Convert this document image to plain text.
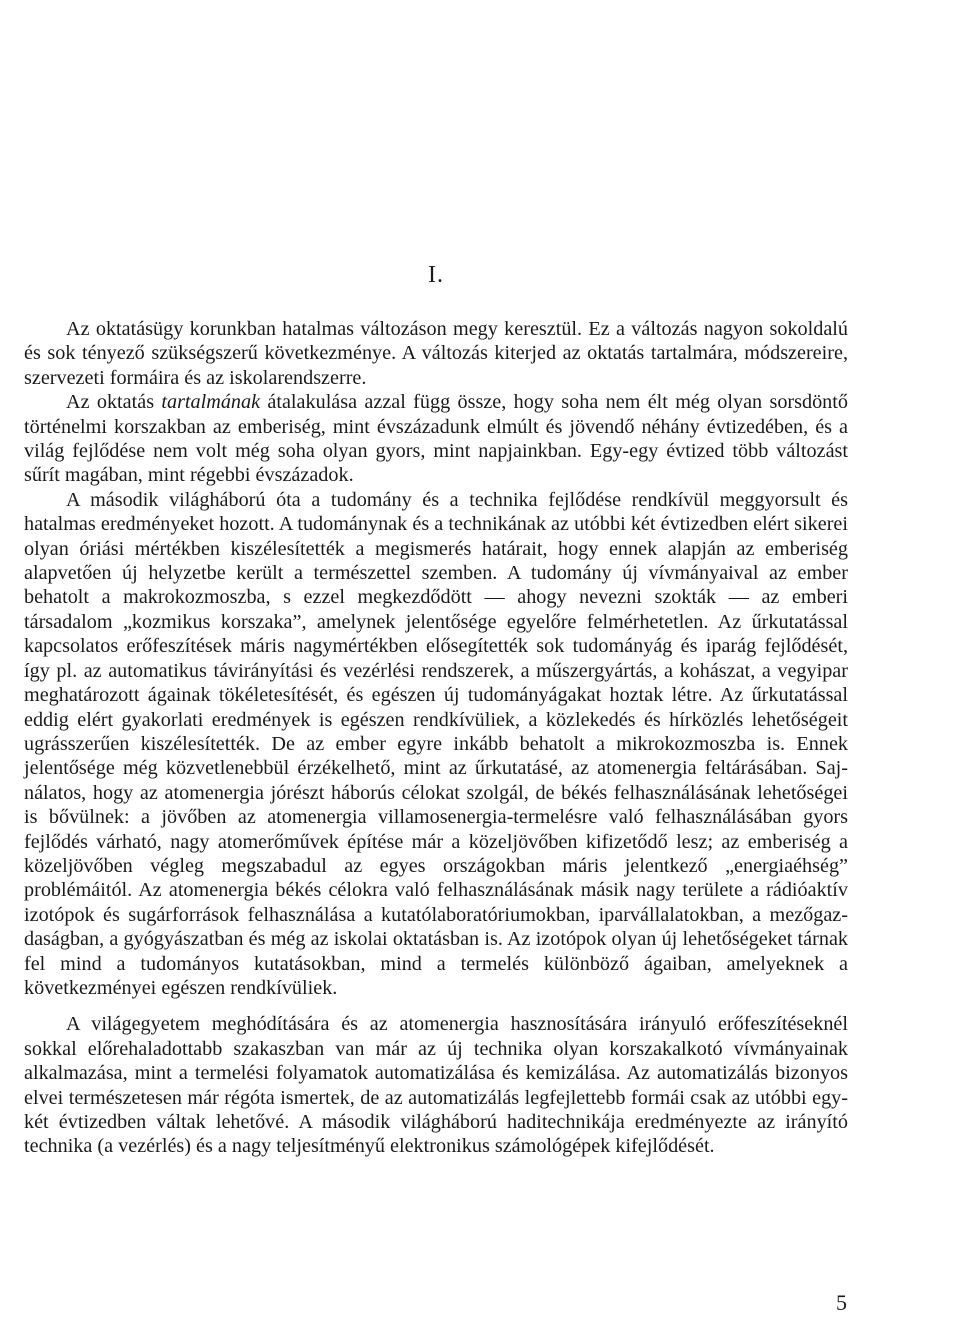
I.

Az oktatásügy korunkban hatalmas változáson megy keresztül. Ez a változás nagyon sokoldalú és sok tényező szükségszerű következménye. A változás kiterjed az oktatás tartalmára, módszereire, szervezeti formáira és az iskolarendszerre.

Az oktatás tartalmának átalakulása azzal függ össze, hogy soha nem élt még olyan sorsdöntő történelmi korszakban az emberiség, mint évszázadunk elmúlt és jövendő néhány évtizedében, és a világ fejlődése nem volt még soha olyan gyors, mint napjainkban. Egy-egy évtized több változást sűrít magában, mint régebbi évszázadok.

A második világháború óta a tudomány és a technika fejlődése rendkívül meggyorsult és hatalmas eredményeket hozott. A tudománynak és a technikának az utóbbi két évtizedben elért sikerei olyan óriási mértékben kiszélesítették a megismerés határait, hogy ennek alapján az emberiség alapvetően új helyzetbe került a természettel szemben. A tudomány új vívmányaival az ember behatolt a makrokozmoszba, s ezzel megkezdődött — ahogy nevezni szokták — az emberi társadalom „kozmikus korszaka”, amelynek jelentősége egyelőre felmérhetetlen. Az űrkutatással kapcsolatos erőfeszítések máris nagymértékben elősegítették sok tudományág és iparág fejlődését, így pl. az automatikus távirányítási és vezérlési rendszerek, a műszergyártás, a kohászat, a vegyipar meghatározott ágainak tökéletesítését, és egészen új tudományágakat hoztak létre. Az űrkutatással eddig elért gyakorlati eredmények is egészen rendkívüliek, a közlekedés és hírközlés lehetőségeit ugrásszerűen kiszélesítették. De az ember egyre inkább behatolt a mikrokozmoszba is. Ennek jelentősége még közvetlenebbül érzékelhető, mint az űrkutatásé, az atomenergia feltárásában. Sajnálatos, hogy az atomenergia jórészt háborús célokat szolgál, de békés felhasználásának lehetőségei is bővülnek: a jövőben az atomenergia villamosenergia-termelésre való felhasználásában gyors fejlődés várható, nagy atomerőművek építése már a közeljövőben kifizetődő lesz; az emberiség a közeljövőben végleg megszabadul az egyes országokban máris jelentkező „energiaéhség” problémáitól. Az atomenergia békés célokra való felhasználásának másik nagy területe a rádióaktív izotópok és sugárforrások felhasználása a kutatólaboratóriumokban, iparvállalatokban, a mezőgazdaságban, a gyógyászatban és még az iskolai oktatásban is. Az izotópok olyan új lehetőségeket tárnak fel mind a tudományos kutatásokban, mind a termelés különböző ágaiban, amelyeknek a következményei egészen rendkívüliek.

A világegyetem meghódítására és az atomenergia hasznosítására irányuló erőfeszítéseknél sokkal előrehaladottabb szakaszban van már az új technika olyan korszakalkotó vívmányainak alkalmazása, mint a termelési folyamatok automatizálása és kemizálása. Az automatizálás bizonyos elvei természetesen már régóta ismertek, de az automatizálás legfejlettebb formái csak az utóbbi egy-két évtizedben váltak lehetővé. A második világháború haditechnikája eredményezte az irányító technika (a vezérlés) és a nagy teljesítményű elektronikus számológépek kifejlődését.

5
